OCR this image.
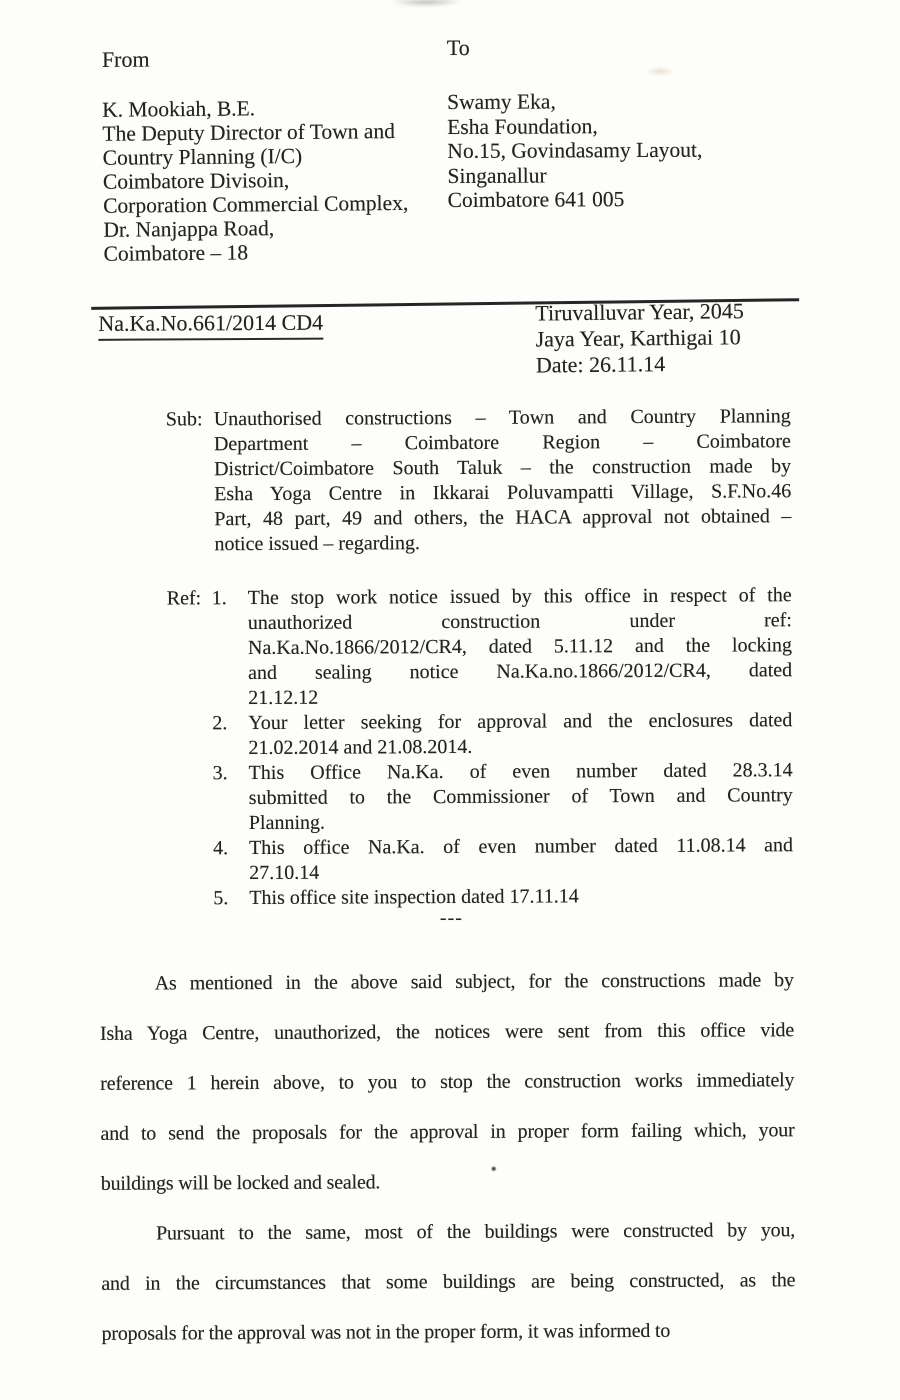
From
K. Mookiah, B.E.
The Deputy Director of Town and
Country Planning (I/C)
Coimbatore Divisoin,
Corporation Commercial Complex,
Dr. Nanjappa Road,
Coimbatore – 18
To
Swamy Eka,
Esha Foundation,
No.15, Govindasamy Layout,
Singanallur
Coimbatore 641 005
Na.Ka.No.661/2014 CD4	Tiruvalluvar Year, 2045
Jaya Year, Karthigai 10
Date: 26.11.14
Sub: Unauthorised constructions – Town and Country Planning
Department – Coimbatore Region – Coimbatore
District/Coimbatore South Taluk – the construction made by
Esha Yoga Centre in Ikkarai Poluvampatti Village, S.F.No.46
Part, 48 part, 49 and others, the HACA approval not obtained –
notice issued – regarding.
Ref: 1.	The stop work notice issued by this office in respect of the
unauthorized construction under ref:
Na.Ka.No.1866/2012/CR4, dated 5.11.12 and the locking
and sealing notice Na.Ka.no.1866/2012/CR4, dated
21.12.12
2.	Your letter seeking for approval and the enclosures dated
21.02.2014 and 21.08.2014.
3.	This Office Na.Ka. of even number dated 28.3.14
submitted to the Commissioner of Town and Country
Planning.
4.	This office Na.Ka. of even number dated 11.08.14 and
27.10.14
5.	This office site inspection dated 17.11.14
---
As mentioned in the above said subject, for the constructions made by
Isha Yoga Centre, unauthorized, the notices were sent from this office vide
reference 1 herein above, to you to stop the construction works immediately
and to send the proposals for the approval in proper form failing which, your
buildings will be locked and sealed.
Pursuant to the same, most of the buildings were constructed by you,
and in the circumstances that some buildings are being constructed, as the
proposals for the approval was not in the proper form, it was informed to
